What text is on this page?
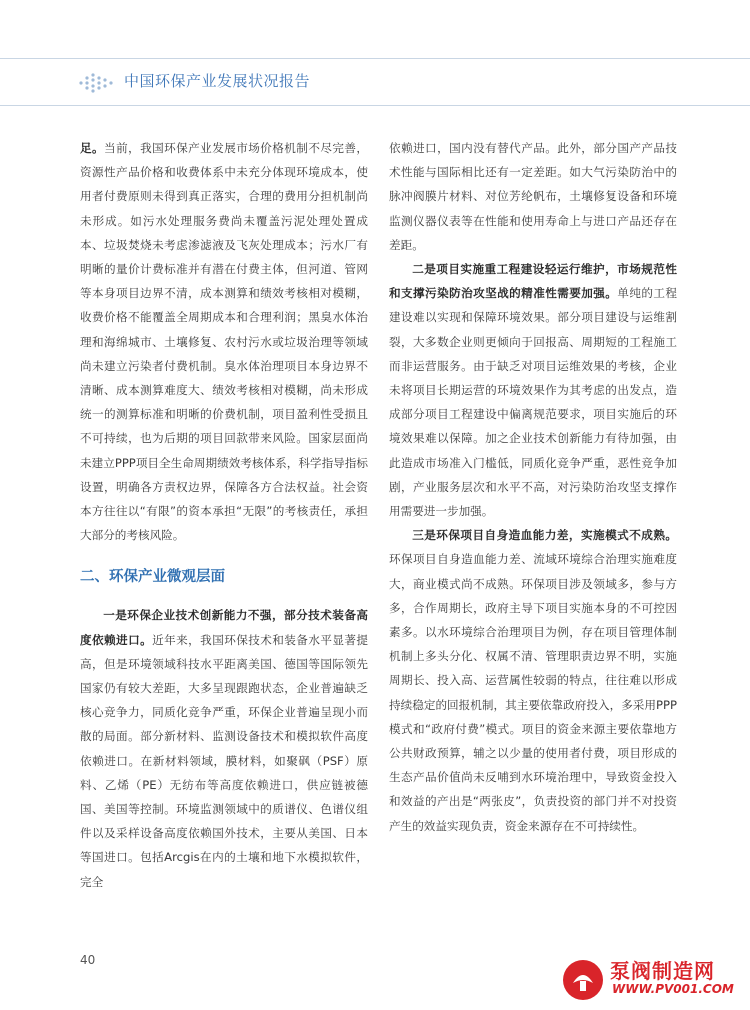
中国环保产业发展状况报告

足。当前，我国环保产业发展市场价格机制不尽完善，资源性产品价格和收费体系中未充分体现环境成本，使用者付费原则未得到真正落实，合理的费用分担机制尚未形成。如污水处理服务费尚未覆盖污泥处理处置成本、垃圾焚烧未考虑渗滤液及飞灰处理成本；污水厂有明晰的量价计费标准并有潜在付费主体，但河道、管网等本身项目边界不清，成本测算和绩效考核相对模糊，收费价格不能覆盖全周期成本和合理利润；黑臭水体治理和海绵城市、土壤修复、农村污水或垃圾治理等领域尚未建立污染者付费机制。臭水体治理项目本身边界不清晰、成本测算难度大、绩效考核相对模糊，尚未形成统一的测算标准和明晰的价费机制，项目盈利性受损且不可持续，也为后期的项目回款带来风险。国家层面尚未建立PPP项目全生命周期绩效考核体系，科学指导指标设置，明确各方责权边界，保障各方合法权益。社会资本方往往以“有限”的资本承担“无限”的考核责任，承担大部分的考核风险。

二、环保产业微观层面

一是环保企业技术创新能力不强，部分技术装备高度依赖进口。近年来，我国环保技术和装备水平显著提高，但是环境领域科技水平距离美国、德国等国际领先国家仍有较大差距，大多呈现跟跑状态，企业普遍缺乏核心竞争力，同质化竞争严重，环保企业普遍呈现小而散的局面。部分新材料、监测设备技术和模拟软件高度依赖进口。在新材料领域，膜材料，如聚砜（PSF）原料、乙烯（PE）无纺布等高度依赖进口，供应链被德国、美国等控制。环境监测领域中的质谱仪、色谱仪组件以及采样设备高度依赖国外技术，主要从美国、日本等国进口。包括Arcgis在内的土壤和地下水模拟软件，完全

依赖进口，国内没有替代产品。此外，部分国产产品技术性能与国际相比还有一定差距。如大气污染防治中的脉冲阀膜片材料、对位芳纶帆布，土壤修复设备和环境监测仪器仪表等在性能和使用寿命上与进口产品还存在差距。

二是项目实施重工程建设轻运行维护，市场规范性和支撑污染防治攻坚战的精准性需要加强。单纯的工程建设难以实现和保障环境效果。部分项目建设与运维割裂，大多数企业则更倾向于回报高、周期短的工程施工而非运营服务。由于缺乏对项目运维效果的考核，企业未将项目长期运营的环境效果作为其考虑的出发点，造成部分项目工程建设中偏离规范要求，项目实施后的环境效果难以保障。加之企业技术创新能力有待加强，由此造成市场准入门槛低，同质化竞争严重，恶性竞争加剧，产业服务层次和水平不高，对污染防治攻坚支撑作用需要进一步加强。

三是环保项目自身造血能力差，实施模式不成熟。环保项目自身造血能力差、流域环境综合治理实施难度大，商业模式尚不成熟。环保项目涉及领域多，参与方多，合作周期长，政府主导下项目实施本身的不可控因素多。以水环境综合治理项目为例，存在项目管理体制机制上多头分化、权属不清、管理职责边界不明，实施周期长、投入高、运营属性较弱的特点，往往难以形成持续稳定的回报机制，其主要依靠政府投入，多采用PPP模式和“政府付费”模式。项目的资金来源主要依靠地方公共财政预算，辅之以少量的使用者付费，项目形成的生态产品价值尚未反哺到水环境治理中，导致资金投入和效益的产出是“两张皮”，负责投资的部门并不对投资产生的效益实现负责，资金来源存在不可持续性。

40	泵阀制造网
WWW.PV001.COM
